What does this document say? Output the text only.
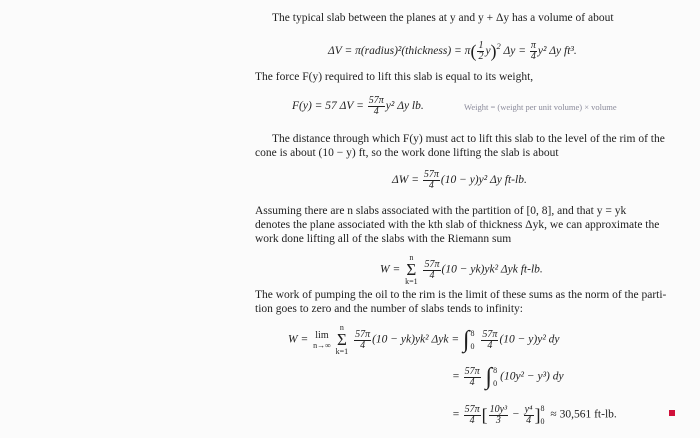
The typical slab between the planes at y and y + Δy has a volume of about
ΔV = π(radius)²(thickness) = $\pi( \frac{1}{2} y)^2$ $\Delta y = \frac{\pi}{4} y^2$ Δy ft³.
The force F(y) required to lift this slab is equal to its weight,
F(y) = 57 $\Delta V = \frac{57\pi}{4} y^2$ Δy lb.	Weight = (weight per unit volume) × volume
The distance through which F(y) must act to lift this slab to the level of the rim of the
cone is about (10 − y) ft, so the work done lifting the slab is about
$\Delta W = \frac{57\pi}{4} (10 - y)y^2$ Δy ft-lb.
Assuming there are n slabs associated with the partition of [0, 8], and that y = yk
denotes the plane associated with the kth slab of thickness Δyk, we can approximate the
work done lifting all of the slabs with the Riemann sum
W = n
Σ
k=1
$\frac{57\pi}{4} (10 - yk)yk^2$ Δyk ft-lb.
The work of pumping the oil to the rim is the limit of these sums as the norm of the parti-
tion goes to zero and the number of slabs tends to infinity:
W = lim
n→∞ n
Σ
k=1
$\frac{57\pi}{4} (10 - yk)yk^2$ Δyk = ∫ 8
0
$\frac{57\pi}{4} (10 - y)y^2$ dy
= $\frac{57\pi}{4}$ ∫ 8
0
(10y² − y³) dy
= $\frac{57\pi}{4}$ [ $\frac{\text{10y³}}{3} - \frac{\text{y⁴}}{4}$ ] 8
0
≈ 30,561 ft-lb.
